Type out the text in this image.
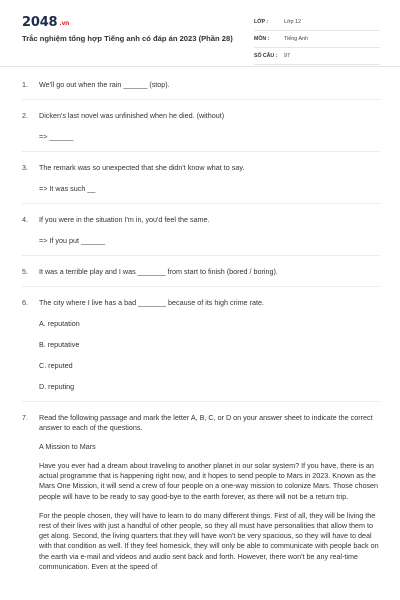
2048 .vn
Trắc nghiệm tổng hợp Tiếng anh có đáp án 2023 (Phần 28)
LỚP :	Lớp 12
MÔN :	Tiếng Anh
SỐ CÂU :	97
1. We'll go out when the rain ______ (stop).

2. Dicken's last novel was unfinished when he died. (without)

=> ______

3. The remark was so unexpected that she didn't know what to say.

=> It was such __

4. If you were in the situation I'm in, you'd feel the same.

=> If you put ______

5. It was a terrible play and I was _______ from start to finish (bored / boring).

6. The city where I live has a bad _______ because of its high crime rate.

A. reputation

B. reputative

C. reputed

D. reputing

7. Read the following passage and mark the letter A, B, C, or D on your answer sheet to indicate the correct answer to each of the questions.

A Mission to Mars

Have you ever had a dream about traveling to another planet in our solar system? If you have, there is an actual programme that is happening right now, and it hopes to send people to Mars in 2023. Known as the Mars One Mission, it will send a crew of four people on a one-way mission to colonize Mars. Those chosen people will have to be ready to say good-bye to the earth forever, as there will not be a return trip.

For the people chosen, they will have to learn to do many different things. First of all, they will be living the rest of their lives with just a handful of other people, so they all must have personalities that allow them to get along. Second, the living quarters that they will have won't be very spacious, so they will have to deal with that condition as well. If they feel homesick, they will only be able to communicate with people back on the earth via e-mail and videos and audio sent back and forth. However, there won't be any real-time communication. Even at the speed of
